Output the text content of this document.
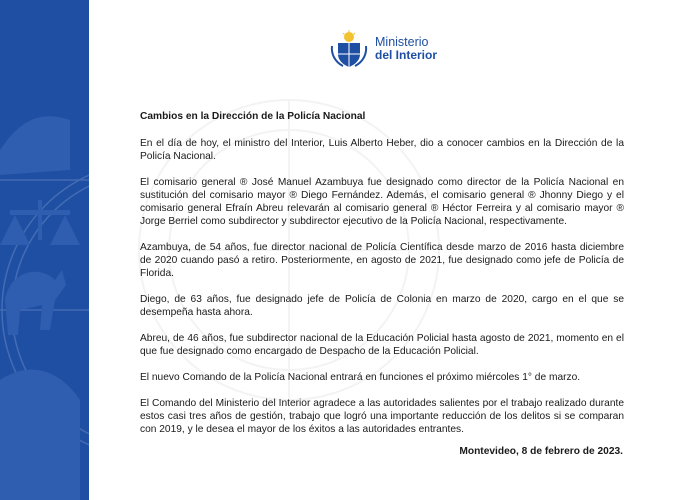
Ministerio
del Interior

Cambios en la Dirección de la Policía Nacional

En el día de hoy, el ministro del Interior, Luis Alberto Heber, dio a conocer cambios en la Dirección de la Policía Nacional.

El comisario general ® José Manuel Azambuya fue designado como director de la Policía Nacional en sustitución del comisario mayor ® Diego Fernández. Además, el comisario general ® Jhonny Diego y el comisario general Efraín Abreu relevarán al comisario general ® Héctor Ferreira y al comisario mayor ® Jorge Berriel como subdirector y subdirector ejecutivo de la Policía Nacional, respectivamente.

Azambuya, de 54 años, fue director nacional de Policía Científica desde marzo de 2016 hasta diciembre de 2020 cuando pasó a retiro. Posteriormente, en agosto de 2021, fue designado como jefe de Policía de Florida.

Diego, de 63 años, fue designado jefe de Policía de Colonia en marzo de 2020, cargo en el que se desempeña hasta ahora.

Abreu, de 46 años, fue subdirector nacional de la Educación Policial hasta agosto de 2021, momento en el que fue designado como encargado de Despacho de la Educación Policial.

El nuevo Comando de la Policía Nacional entrará en funciones el próximo miércoles 1° de marzo.

El Comando del Ministerio del Interior agradece a las autoridades salientes por el trabajo realizado durante estos casi tres años de gestión, trabajo que logró una importante reducción de los delitos si se comparan con 2019, y le desea el mayor de los éxitos a las autoridades entrantes.

Montevideo, 8 de febrero de 2023.
